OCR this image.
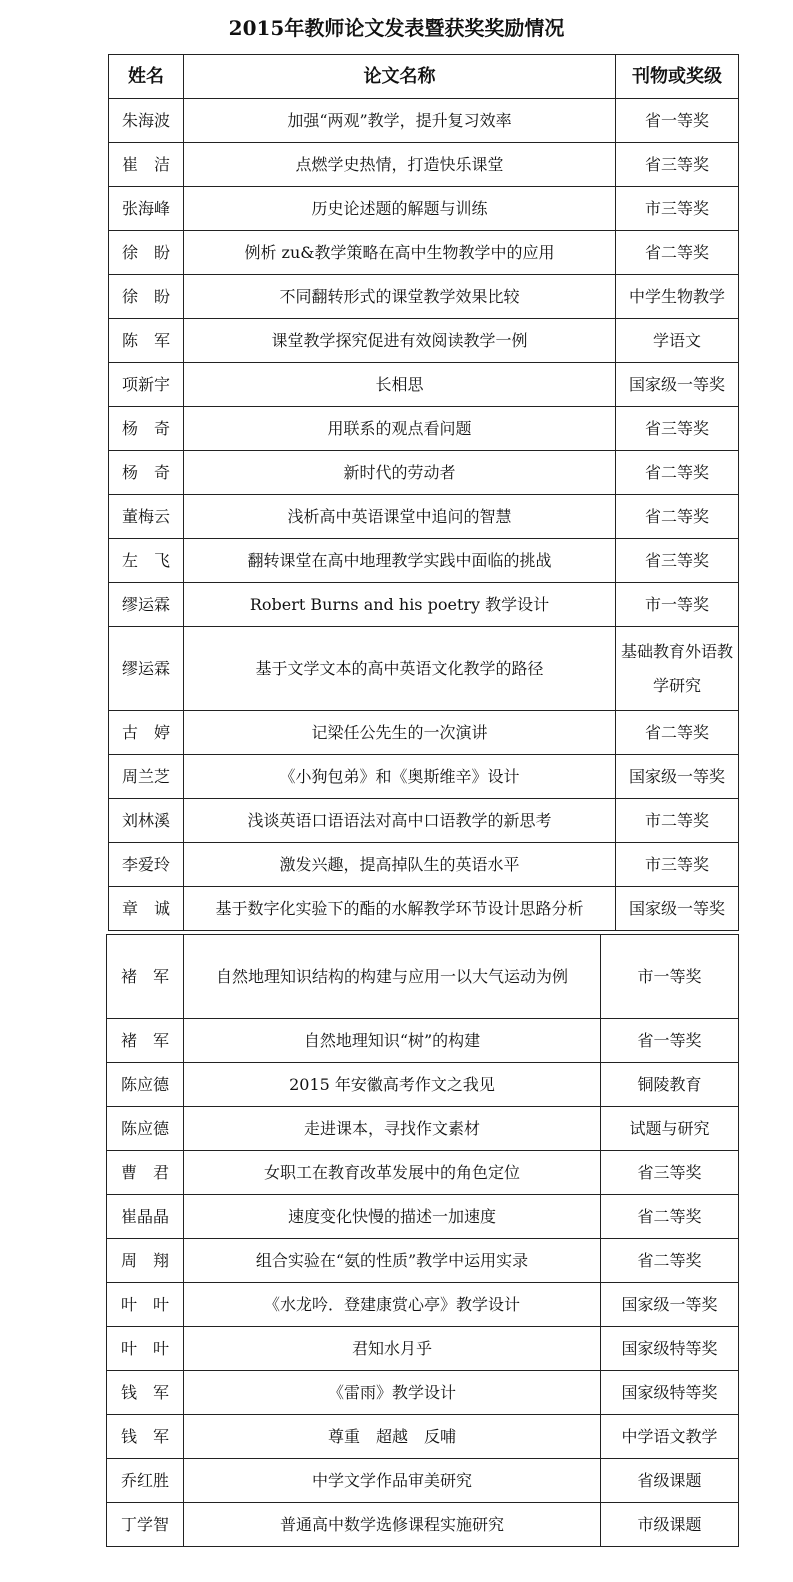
2015年教师论文发表暨获奖奖励情况
姓名	论文名称	刊物或奖级
朱海波	加强“两观”教学，提升复习效率	省一等奖
崔　洁	点燃学史热情，打造快乐课堂	省三等奖
张海峰	历史论述题的解题与训练	市三等奖
徐　盼	例析 zu&教学策略在高中生物教学中的应用	省二等奖
徐　盼	不同翻转形式的课堂教学效果比较	中学生物教学
陈　军	课堂教学探究促进有效阅读教学一例	学语文
项新宇	长相思	国家级一等奖
杨　奇	用联系的观点看问题	省三等奖
杨　奇	新时代的劳动者	省二等奖
董梅云	浅析高中英语课堂中追问的智慧	省二等奖
左　飞	翻转课堂在高中地理教学实践中面临的挑战	省三等奖
缪运霖	Robert Burns and his poetry 教学设计	市一等奖
缪运霖	基于文学文本的高中英语文化教学的路径	基础教育外语教学研究
古　婷	记梁任公先生的一次演讲	省二等奖
周兰芝	《小狗包弟》和《奥斯维辛》设计	国家级一等奖
刘林溪	浅谈英语口语语法对高中口语教学的新思考	市二等奖
李爱玲	激发兴趣，提高掉队生的英语水平	市三等奖
章　诚	基于数字化实验下的酯的水解教学环节设计思路分析	国家级一等奖
褚　军	自然地理知识结构的构建与应用一以大气运动为例	市一等奖
褚　军	自然地理知识“树”的构建	省一等奖
陈应德	2015 年安徽高考作文之我见	铜陵教育
陈应德	走进课本，寻找作文素材	试题与研究
曹　君	女职工在教育改革发展中的角色定位	省三等奖
崔晶晶	速度变化快慢的描述一加速度	省二等奖
周　翔	组合实验在“氨的性质”教学中运用实录	省二等奖
叶　叶	《水龙吟．登建康赏心亭》教学设计	国家级一等奖
叶　叶	君知水月乎	国家级特等奖
钱　军	《雷雨》教学设计	国家级特等奖
钱　军	尊重　超越　反哺	中学语文教学
乔红胜	中学文学作品审美研究	省级课题
丁学智	普通高中数学选修课程实施研究	市级课题
